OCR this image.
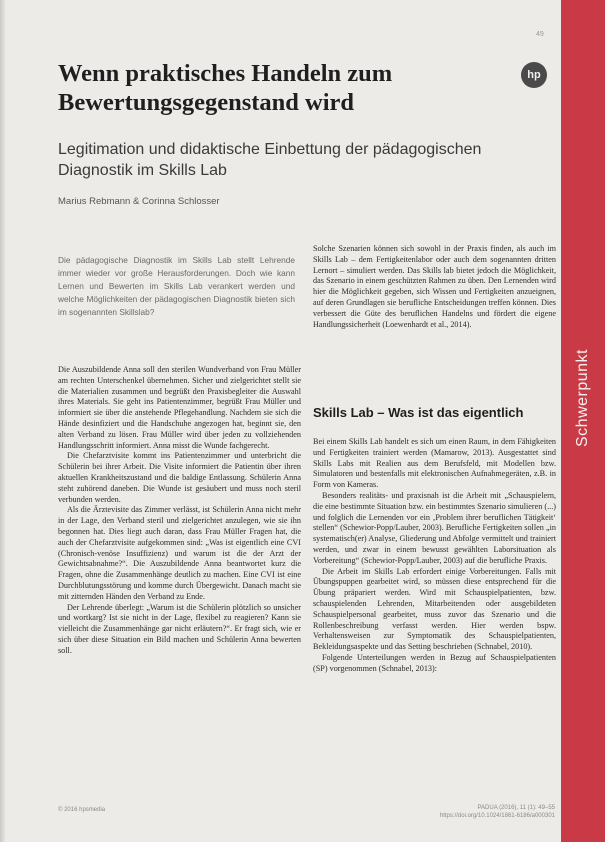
Schwerpunkt
49
Wenn praktisches Handeln zum Bewertungsgegenstand wird
hp
Legitimation und didaktische Einbettung der pädagogischen Diagnostik im Skills Lab
Marius Rebmann & Corinna Schlosser
Die pädagogische Diagnostik im Skills Lab stellt Lehrende immer wieder vor große Herausforderungen. Doch wie kann Lernen und Bewerten im Skills Lab verankert werden und welche Möglichkeiten der pädagogischen Diagnostik bieten sich im sogenannten Skillslab?

Die Auszubildende Anna soll den sterilen Wundverband von Frau Müller am rechten Unterschenkel übernehmen. Sicher und zielgerichtet stellt sie die Materialien zusammen und begrüßt den Praxisbegleiter die Auswahl ihres Materials. Sie geht ins Patientenzimmer, begrüßt Frau Müller und informiert sie über die anstehende Pflegehandlung. Nachdem sie sich die Hände desinfiziert und die Handschuhe angezogen hat, beginnt sie, den alten Verband zu lösen. Frau Müller wird über jeden zu vollziehenden Handlungsschritt informiert. Anna misst die Wunde fachgerecht.

Die Chefarztvisite kommt ins Patientenzimmer und unterbricht die Schülerin bei ihrer Arbeit. Die Visite informiert die Patientin über ihren aktuellen Krankheitszustand und die baldige Entlassung. Schülerin Anna steht zuhörend daneben. Die Wunde ist gesäubert und muss noch steril verbunden werden.

Als die Ärztevisite das Zimmer verlässt, ist Schülerin Anna nicht mehr in der Lage, den Verband steril und zielgerichtet anzulegen, wie sie ihn begonnen hat. Dies liegt auch daran, dass Frau Müller Fragen hat, die auch der Chefarztvisite aufgekommen sind: „Was ist eigentlich eine CVI (Chronisch-venöse Insuffizienz) und warum ist die der Arzt der Gewichtsabnahme?“. Die Auszubildende Anna beantwortet kurz die Fragen, ohne die Zusammenhänge deutlich zu machen. Eine CVI ist eine Durchblutungsstörung und komme durch Übergewicht. Danach macht sie mit zitternden Händen den Verband zu Ende.

Der Lehrende überlegt: „Warum ist die Schülerin plötzlich so unsicher und wortkarg? Ist sie nicht in der Lage, flexibel zu reagieren? Kann sie vielleicht die Zusammenhänge gar nicht erläutern?“. Er fragt sich, wie er sich über diese Situation ein Bild machen und Schülerin Anna bewerten soll.

Solche Szenarien können sich sowohl in der Praxis finden, als auch im Skills Lab – dem Fertigkeitenlabor oder auch dem sogenannten dritten Lernort – simuliert werden. Das Skills lab bietet jedoch die Möglichkeit, das Szenario in einem geschützten Rahmen zu üben. Den Lernenden wird hier die Möglichkeit gegeben, sich Wissen und Fertigkeiten anzueignen, auf deren Grundlagen sie berufliche Entscheidungen treffen können. Dies verbessert die Güte des beruflichen Handelns und fördert die eigene Handlungssicherheit (Loewenhardt et al., 2014).

Skills Lab – Was ist das eigentlich

Bei einem Skills Lab handelt es sich um einen Raum, in dem Fähigkeiten und Fertigkeiten trainiert werden (Mamarow, 2013). Ausgestattet sind Skills Labs mit Realien aus dem Berufsfeld, mit Modellen bzw. Simulatoren und bestenfalls mit elektronischen Aufnahmegeräten, z.B. in Form von Kameras.

Besonders realitäts- und praxisnah ist die Arbeit mit „Schauspielern, die eine bestimmte Situation bzw. ein bestimmtes Szenario simulieren (...) und folglich die Lernenden vor ein ‚Problem ihrer beruflichen Tätigkeit‘ stellen“ (Schewior-Popp/Lauber, 2003). Berufliche Fertigkeiten sollen „in systematisch(er) Analyse, Gliederung und Abfolge vermittelt und trainiert werden, und zwar in einem bewusst gewählten Laborsituation als Vorbereitung“ (Schewior-Popp/Lauber, 2003) auf die berufliche Praxis.

Die Arbeit im Skills Lab erfordert einige Vorbereitungen. Falls mit Übungspuppen gearbeitet wird, so müssen diese entsprechend für die Übung präpariert werden. Wird mit Schauspielpatienten, bzw. schauspielenden Lehrenden, Mitarbeitenden oder ausgebildeten Schauspielpersonal gearbeitet, muss zuvor das Szenario und die Rollenbeschreibung verfasst werden. Hier werden bspw. Verhaltensweisen zur Symptomatik des Schauspielpatienten, Bekleidungsaspekte und das Setting beschrieben (Schnabel, 2010).

Folgende Unterteilungen werden in Bezug auf Schauspielpatienten (SP) vorgenommen (Schnabel, 2013):

© 2016 hpsmedia	PADUA (2016), 11 (1): 49–55
https://doi.org/10.1024/1861-6186/a000301
